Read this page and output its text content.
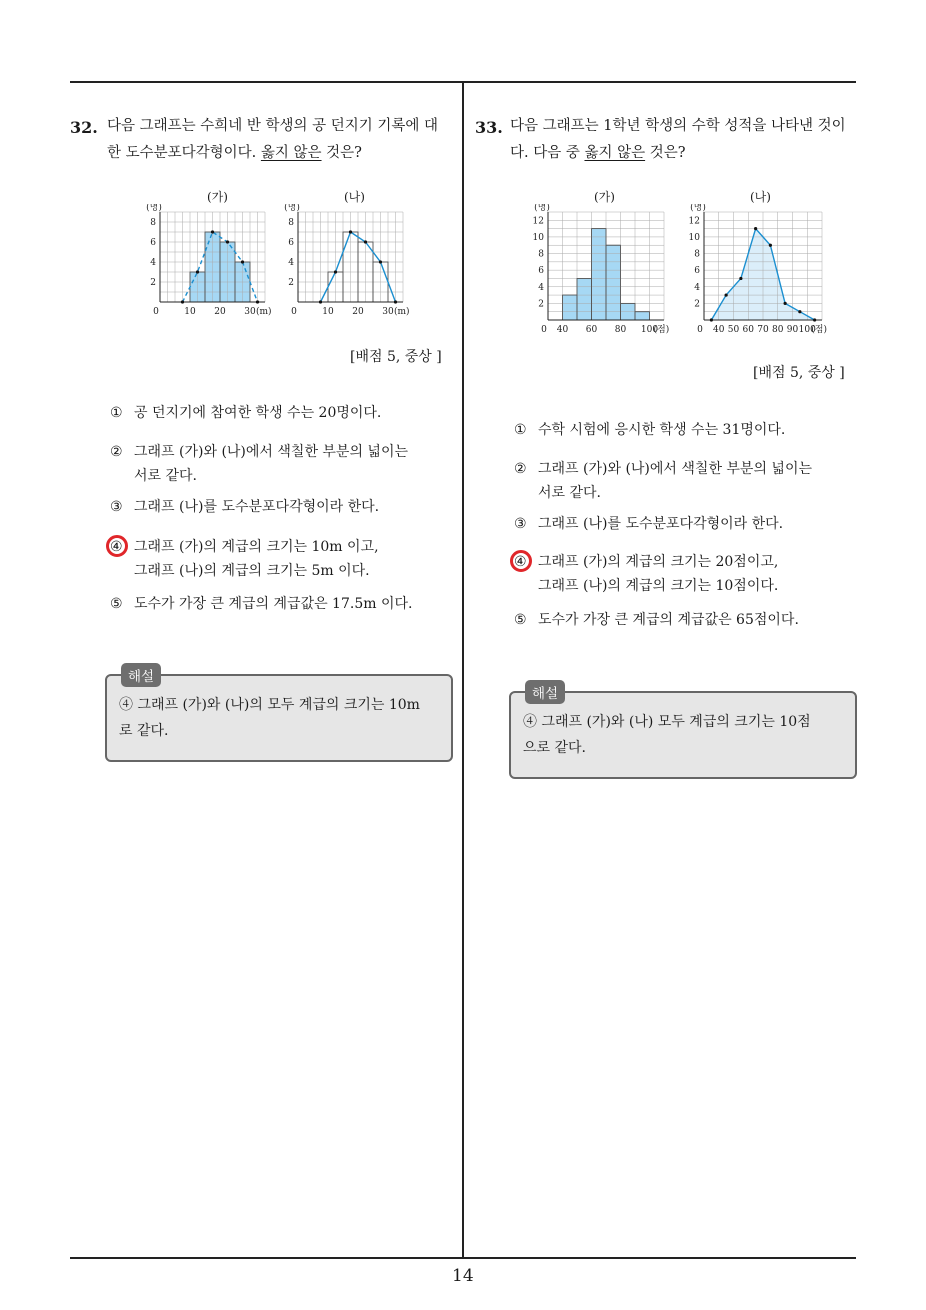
14
32. 다음 그래프는 수희네 반 학생의 공 던지기 기록에 대
한 도수분포다각형이다. 옳지 않은 것은?
(가)
2
4
6
8
(명)
0	10 20 30 (m)
(나)
2
4
6
8
(명)
0	10 20 30 (m)
[배점 5, 중상 ]
① 공 던지기에 참여한 학생 수는 20명이다.
② 그래프 (가)와 (나)에서 색칠한 부분의 넓이는
서로 같다.
③ 그래프 (나)를 도수분포다각형이라 한다.
④ 그래프 (가)의 계급의 크기는 10m 이고,
그래프 (나)의 계급의 크기는 5m 이다.
⑤ 도수가 가장 큰 계급의 계급값은 17.5m 이다.
해설
④ 그래프 (가)와 (나)의 모두 계급의 크기는 10m
로 같다.
33. 다음 그래프는 1학년 학생의 수학 성적을 나타낸 것이
다. 다음 중 옳지 않은 것은?
(가)
2
4
6
8
10
12
(명)
0 40 60 80 100
(점)
(나)
2
4
6
8
10
12
(명)
0 40 50 60 70 80 90 100
(점)
[배점 5, 중상 ]
① 수학 시험에 응시한 학생 수는 31명이다.
② 그래프 (가)와 (나)에서 색칠한 부분의 넓이는
서로 같다.
③ 그래프 (나)를 도수분포다각형이라 한다.
④ 그래프 (가)의 계급의 크기는 20점이고,
그래프 (나)의 계급의 크기는 10점이다.
⑤ 도수가 가장 큰 계급의 계급값은 65점이다.
해설
④ 그래프 (가)와 (나) 모두 계급의 크기는 10점
으로 같다.
